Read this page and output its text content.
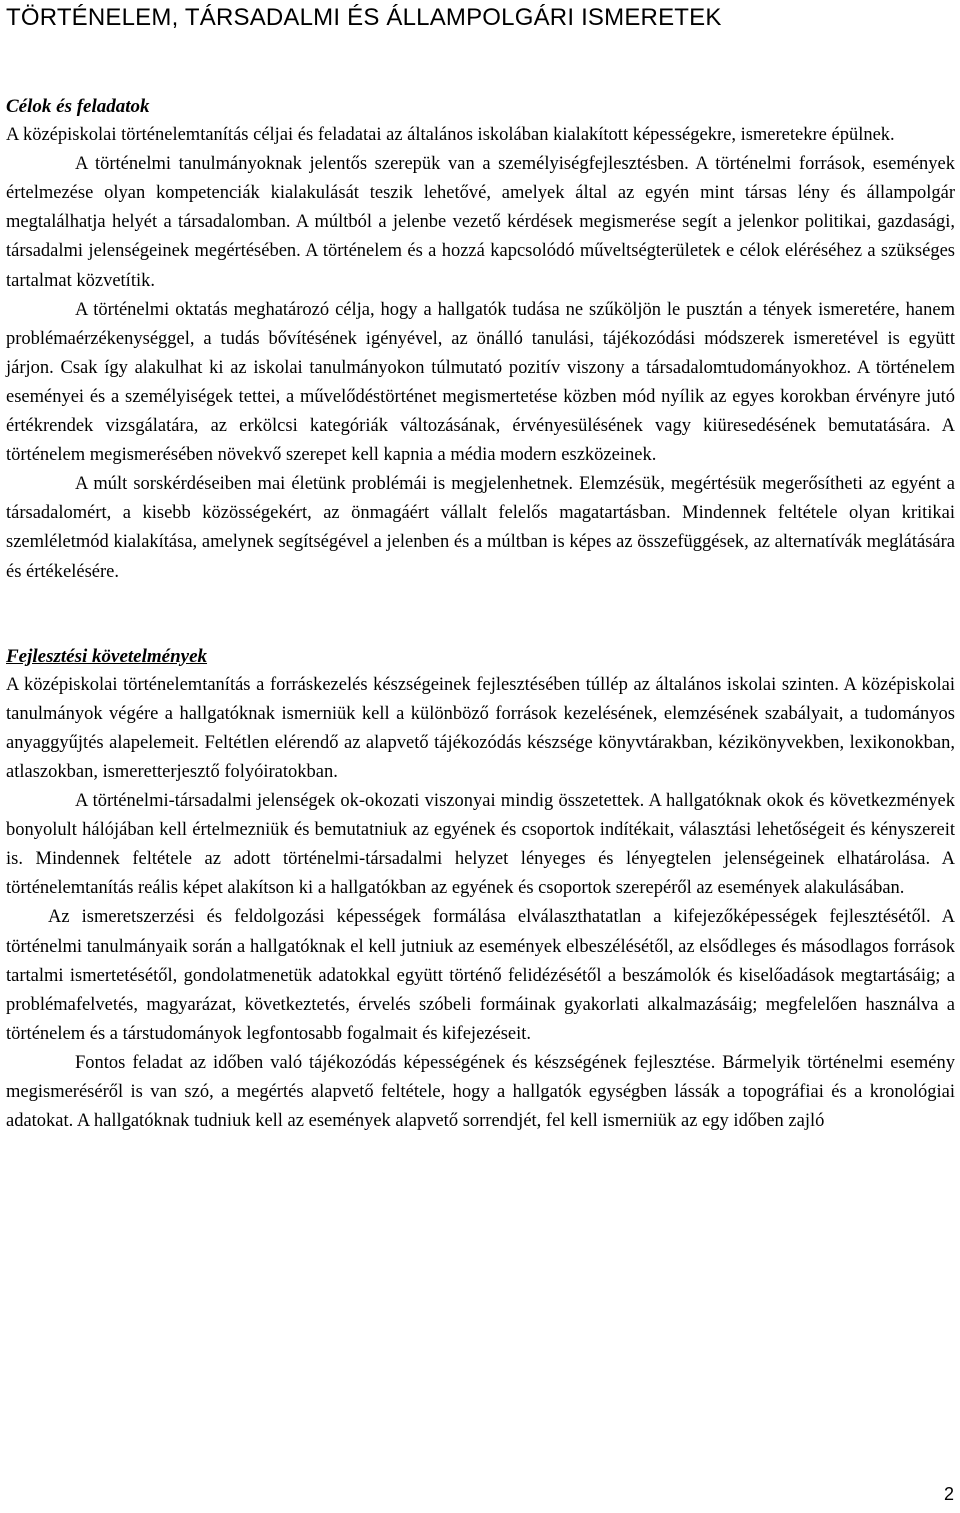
TÖRTÉNELEM, TÁRSADALMI ÉS ÁLLAMPOLGÁRI ISMERETEK

Célok és feladatok

A középiskolai történelemtanítás céljai és feladatai az általános iskolában kialakított képességekre, ismeretekre épülnek.

A történelmi tanulmányoknak jelentős szerepük van a személyiségfejlesztésben. A történelmi források, események értelmezése olyan kompetenciák kialakulását teszik lehetővé, amelyek által az egyén mint társas lény és állampolgár megtalálhatja helyét a társadalomban. A múltból a jelenbe vezető kérdések megismerése segít a jelenkor politikai, gazdasági, társadalmi jelenségeinek megértésében. A történelem és a hozzá kapcsolódó műveltségterületek e célok eléréséhez a szükséges tartalmat közvetítik.

A történelmi oktatás meghatározó célja, hogy a hallgatók tudása ne szűköljön le pusztán a tények ismeretére, hanem problémaérzékenységgel, a tudás bővítésének igényével, az önálló tanulási, tájékozódási módszerek ismeretével is együtt járjon. Csak így alakulhat ki az iskolai tanulmányokon túlmutató pozitív viszony a társadalomtudományokhoz. A történelem eseményei és a személyiségek tettei, a művelődéstörténet megismertetése közben mód nyílik az egyes korokban érvényre jutó értékrendek vizsgálatára, az erkölcsi kategóriák változásának, érvényesülésének vagy kiüresedésének bemutatására. A történelem megismerésében növekvő szerepet kell kapnia a média modern eszközeinek.

A múlt sorskérdéseiben mai életünk problémái is megjelenhetnek. Elemzésük, megértésük megerősítheti az egyént a társadalomért, a kisebb közösségekért, az önmagáért vállalt felelős magatartásban. Mindennek feltétele olyan kritikai szemléletmód kialakítása, amelynek segítségével a jelenben és a múltban is képes az összefüggések, az alternatívák meglátására és értékelésére.

Fejlesztési követelmények

A középiskolai történelemtanítás a forráskezelés készségeinek fejlesztésében túllép az általános iskolai szinten. A középiskolai tanulmányok végére a hallgatóknak ismerniük kell a különböző források kezelésének, elemzésének szabályait, a tudományos anyaggyűjtés alapelemeit. Feltétlen elérendő az alapvető tájékozódás készsége könyvtárakban, kézikönyvekben, lexikonokban, atlaszokban, ismeretterjesztő folyóiratokban.

A történelmi-társadalmi jelenségek ok-okozati viszonyai mindig összetettek. A hallgatóknak okok és következmények bonyolult hálójában kell értelmezniük és bemutatniuk az egyének és csoportok indítékait, választási lehetőségeit és kényszereit is. Mindennek feltétele az adott történelmi-társadalmi helyzet lényeges és lényegtelen jelenségeinek elhatárolása. A történelemtanítás reális képet alakítson ki a hallgatókban az egyének és csoportok szerepéről az események alakulásában.

Az ismeretszerzési és feldolgozási képességek formálása elválaszthatatlan a kifejezőképességek fejlesztésétől. A történelmi tanulmányaik során a hallgatóknak el kell jutniuk az események elbeszélésétől, az elsődleges és másodlagos források tartalmi ismertetésétől, gondolatmenetük adatokkal együtt történő felidézésétől a beszámolók és kiselőadások megtartásáig; a problémafelvetés, magyarázat, következtetés, érvelés szóbeli formáinak gyakorlati alkalmazásáig; megfelelően használva a történelem és a társtudományok legfontosabb fogalmait és kifejezéseit.

Fontos feladat az időben való tájékozódás képességének és készségének fejlesztése. Bármelyik történelmi esemény megismeréséről is van szó, a megértés alapvető feltétele, hogy a hallgatók egységben lássák a topográfiai és a kronológiai adatokat. A hallgatóknak tudniuk kell az események alapvető sorrendjét, fel kell ismerniük az egy időben zajló

2
